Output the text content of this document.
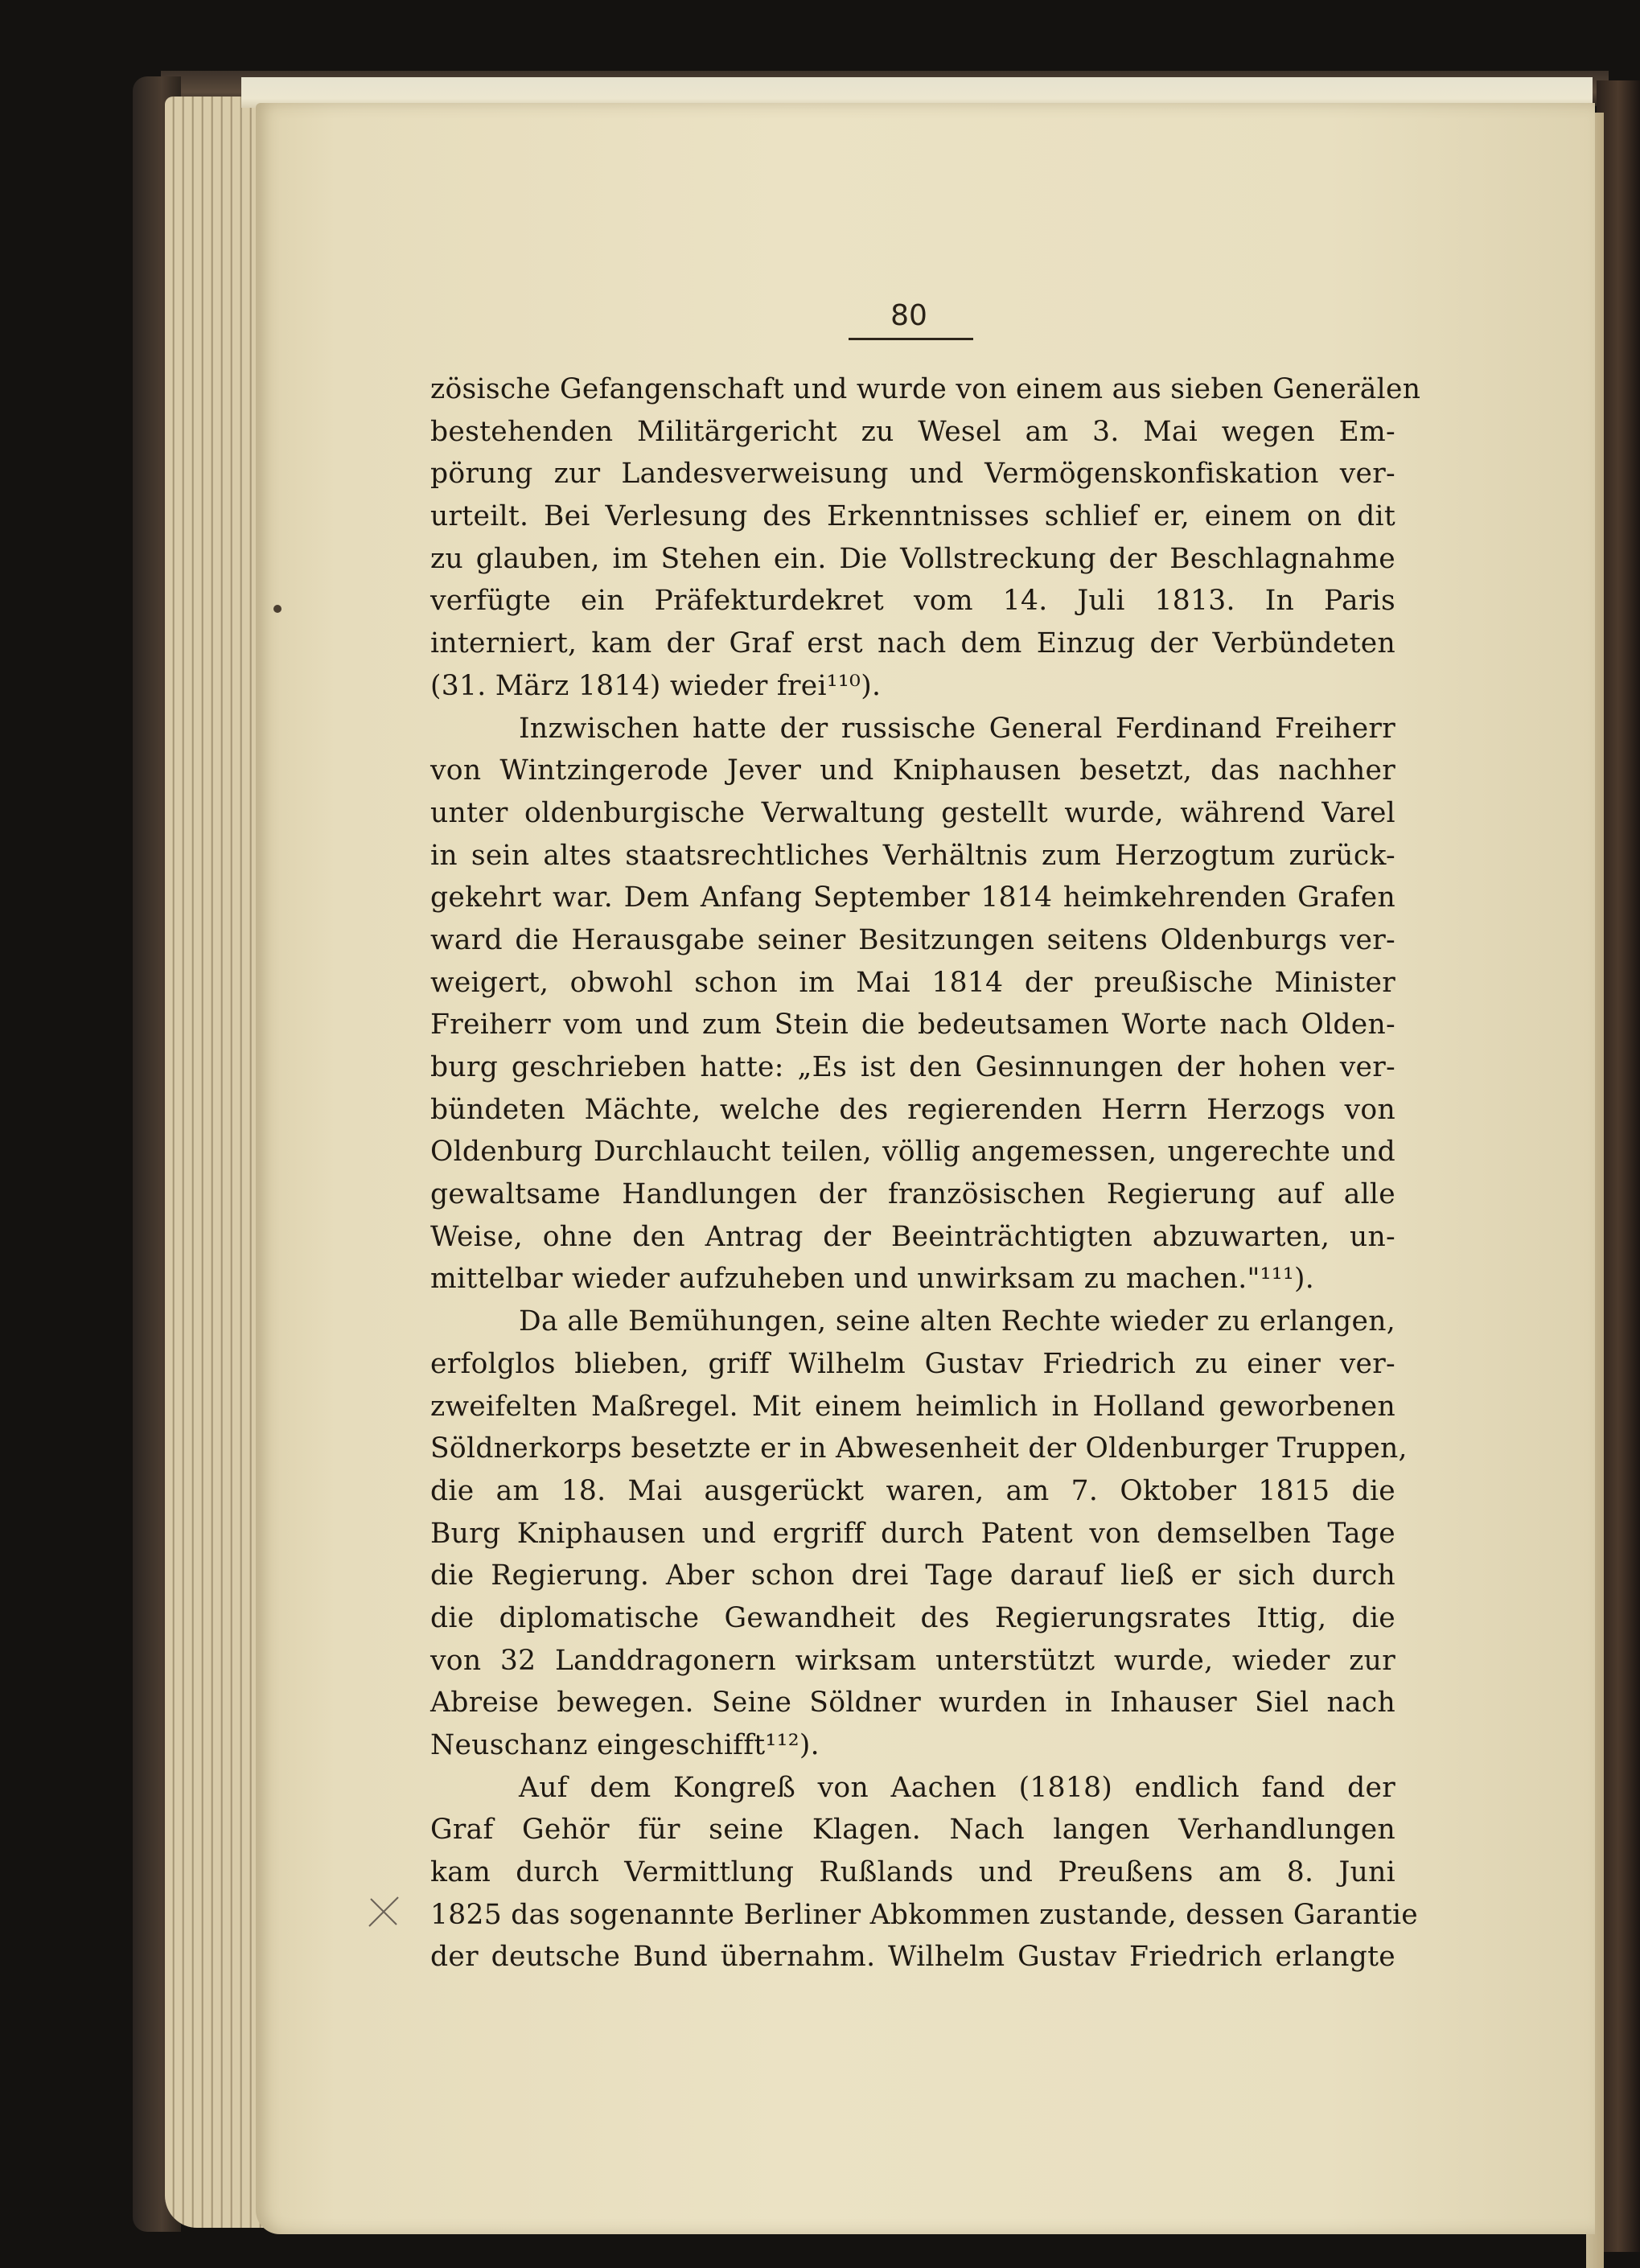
80
zösische Gefangenschaft und wurde von einem aus sieben Generälen
bestehenden Militärgericht zu Wesel am 3. Mai wegen Em-
pörung zur Landesverweisung und Vermögenskonfiskation ver-
urteilt. Bei Verlesung des Erkenntnisses schlief er, einem on dit
zu glauben, im Stehen ein. Die Vollstreckung der Beschlagnahme
verfügte ein Präfekturdekret vom 14. Juli 1813. In Paris
interniert, kam der Graf erst nach dem Einzug der Verbündeten
(31. März 1814) wieder frei¹¹⁰).
Inzwischen hatte der russische General Ferdinand Freiherr
von Wintzingerode Jever und Kniphausen besetzt, das nachher
unter oldenburgische Verwaltung gestellt wurde, während Varel
in sein altes staatsrechtliches Verhältnis zum Herzogtum zurück-
gekehrt war. Dem Anfang September 1814 heimkehrenden Grafen
ward die Herausgabe seiner Besitzungen seitens Oldenburgs ver-
weigert, obwohl schon im Mai 1814 der preußische Minister
Freiherr vom und zum Stein die bedeutsamen Worte nach Olden-
burg geschrieben hatte: „Es ist den Gesinnungen der hohen ver-
bündeten Mächte, welche des regierenden Herrn Herzogs von
Oldenburg Durchlaucht teilen, völlig angemessen, ungerechte und
gewaltsame Handlungen der französischen Regierung auf alle
Weise, ohne den Antrag der Beeinträchtigten abzuwarten, un-
mittelbar wieder aufzuheben und unwirksam zu machen."¹¹¹).
Da alle Bemühungen, seine alten Rechte wieder zu erlangen,
erfolglos blieben, griff Wilhelm Gustav Friedrich zu einer ver-
zweifelten Maßregel. Mit einem heimlich in Holland geworbenen
Söldnerkorps besetzte er in Abwesenheit der Oldenburger Truppen,
die am 18. Mai ausgerückt waren, am 7. Oktober 1815 die
Burg Kniphausen und ergriff durch Patent von demselben Tage
die Regierung. Aber schon drei Tage darauf ließ er sich durch
die diplomatische Gewandheit des Regierungsrates Ittig, die
von 32 Landdragonern wirksam unterstützt wurde, wieder zur
Abreise bewegen. Seine Söldner wurden in Inhauser Siel nach
Neuschanz eingeschifft¹¹²).
Auf dem Kongreß von Aachen (1818) endlich fand der
Graf Gehör für seine Klagen. Nach langen Verhandlungen
kam durch Vermittlung Rußlands und Preußens am 8. Juni
1825 das sogenannte Berliner Abkommen zustande, dessen Garantie
der deutsche Bund übernahm. Wilhelm Gustav Friedrich erlangte
